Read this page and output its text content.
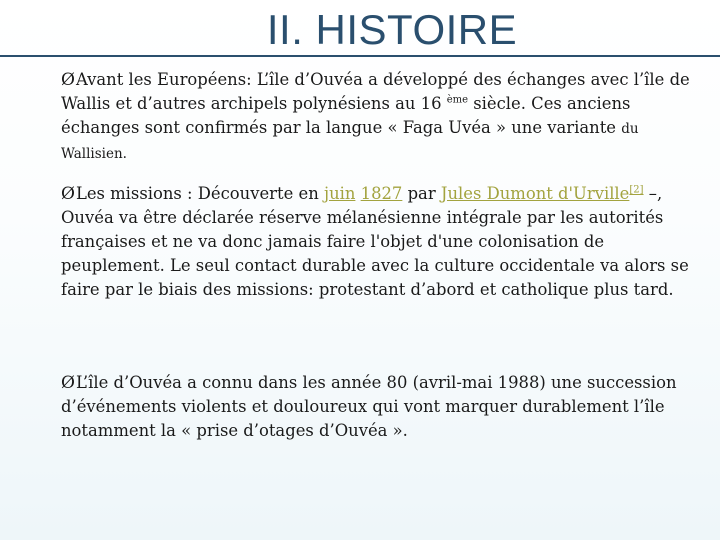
II. HISTOIRE

ØAvant les Européens: L’île d’Ouvéa a développé des échanges avec l’île de Wallis et d’autres archipels polynésiens au 16 $^{ème}$ siècle. Ces anciens échanges sont confirmés par la langue « Faga Uvéa » une variante du Wallisien.

ØLes missions : Découverte en juin 1827 par Jules Dumont d'Urville[2] –, Ouvéa va être déclarée réserve mélanésienne intégrale par les autorités françaises et ne va donc jamais faire l'objet d'une colonisation de peuplement. Le seul contact durable avec la culture occidentale va alors se faire par le biais des missions: protestant d’abord et catholique plus tard.

ØL’île d’Ouvéa a connu dans les année 80 (avril-mai 1988) une succession d’événements violents et douloureux qui vont marquer durablement l’île notamment la « prise d’otages d’Ouvéa ».
